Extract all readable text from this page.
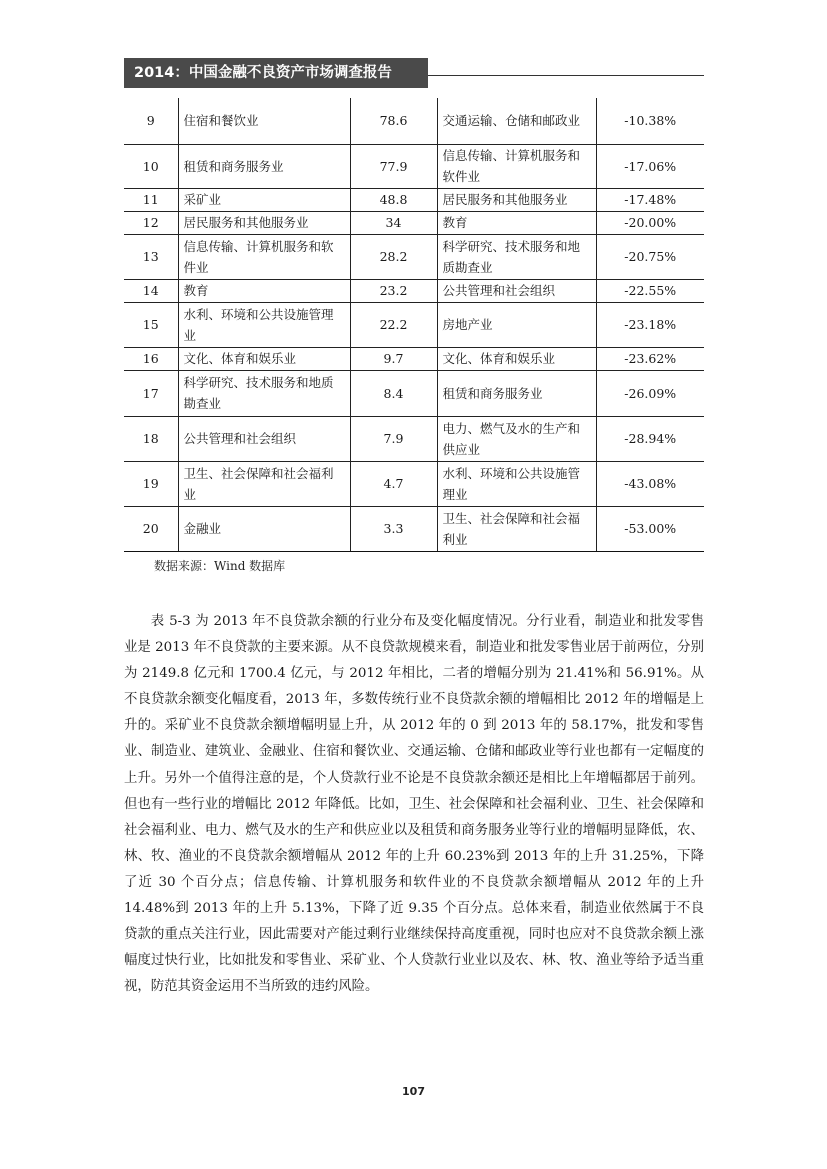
2014：中国金融不良资产市场调查报告
9	住宿和餐饮业	78.6	交通运输、仓储和邮政业	-10.38%
10	租赁和商务服务业	77.9	信息传输、计算机服务和软件业	-17.06%
11	采矿业	48.8	居民服务和其他服务业	-17.48%
12	居民服务和其他服务业	34	教育	-20.00%
13	信息传输、计算机服务和软件业	28.2	科学研究、技术服务和地质勘查业	-20.75%
14	教育	23.2	公共管理和社会组织	-22.55%
15	水利、环境和公共设施管理业	22.2	房地产业	-23.18%
16	文化、体育和娱乐业	9.7	文化、体育和娱乐业	-23.62%
17	科学研究、技术服务和地质勘查业	8.4	租赁和商务服务业	-26.09%
18	公共管理和社会组织	7.9	电力、燃气及水的生产和供应业	-28.94%
19	卫生、社会保障和社会福利业	4.7	水利、环境和公共设施管理业	-43.08%
20	金融业	3.3	卫生、社会保障和社会福利业	-53.00%
数据来源：Wind 数据库

表 5-3 为 2013 年不良贷款余额的行业分布及变化幅度情况。分行业看，制造业和批发零售业是 2013 年不良贷款的主要来源。从不良贷款规模来看，制造业和批发零售业居于前两位，分别为 2149.8 亿元和 1700.4 亿元，与 2012 年相比，二者的增幅分别为 21.41%和 56.91%。从不良贷款余额变化幅度看，2013 年，多数传统行业不良贷款余额的增幅相比 2012 年的增幅是上升的。采矿业不良贷款余额增幅明显上升，从 2012 年的 0 到 2013 年的 58.17%，批发和零售业、制造业、建筑业、金融业、住宿和餐饮业、交通运输、仓储和邮政业等行业也都有一定幅度的上升。另外一个值得注意的是，个人贷款行业不论是不良贷款余额还是相比上年增幅都居于前列。但也有一些行业的增幅比 2012 年降低。比如，卫生、社会保障和社会福利业、卫生、社会保障和社会福利业、电力、燃气及水的生产和供应业以及租赁和商务服务业等行业的增幅明显降低，农、林、牧、渔业的不良贷款余额增幅从 2012 年的上升 60.23%到 2013 年的上升 31.25%，下降了近 30 个百分点；信息传输、计算机服务和软件业的不良贷款余额增幅从 2012 年的上升 14.48%到 2013 年的上升 5.13%，下降了近 9.35 个百分点。总体来看，制造业依然属于不良贷款的重点关注行业，因此需要对产能过剩行业继续保持高度重视，同时也应对不良贷款余额上涨幅度过快行业，比如批发和零售业、采矿业、个人贷款行业业以及农、林、牧、渔业等给予适当重视，防范其资金运用不当所致的违约风险。

107
